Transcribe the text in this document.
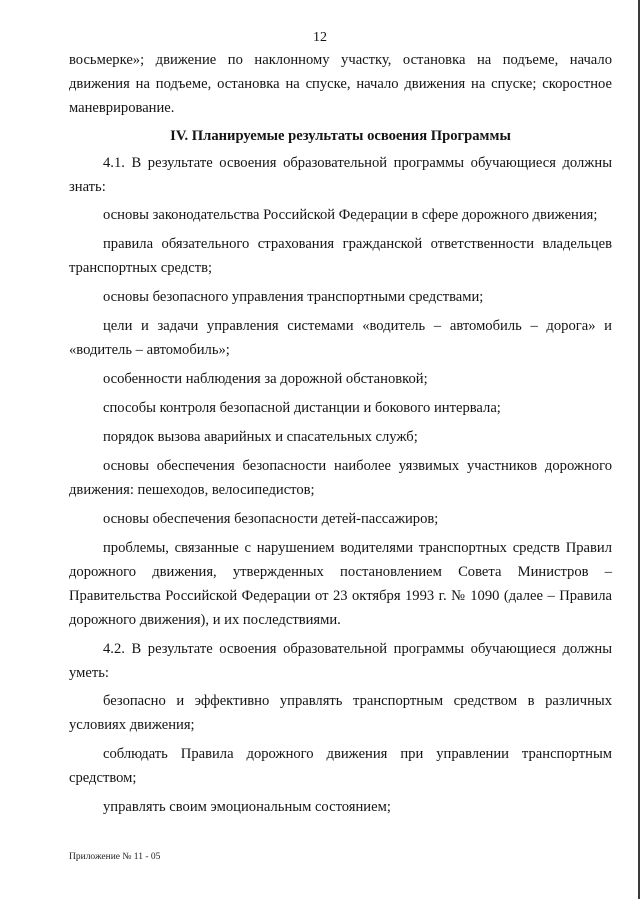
12

восьмерке»; движение по наклонному участку, остановка на подъеме, начало движения на подъеме, остановка на спуске, начало движения на спуске; скоростное маневрирование.

IV. Планируемые результаты освоения Программы

4.1. В результате освоения образовательной программы обучающиеся должны знать:

основы законодательства Российской Федерации в сфере дорожного движения;

правила обязательного страхования гражданской ответственности владельцев транспортных средств;

основы безопасного управления транспортными средствами;

цели и задачи управления системами «водитель – автомобиль – дорога» и «водитель – автомобиль»;

особенности наблюдения за дорожной обстановкой;

способы контроля безопасной дистанции и бокового интервала;

порядок вызова аварийных и спасательных служб;

основы обеспечения безопасности наиболее уязвимых участников дорожного движения: пешеходов, велосипедистов;

основы обеспечения безопасности детей-пассажиров;

проблемы, связанные с нарушением водителями транспортных средств Правил дорожного движения, утвержденных постановлением Совета Министров – Правительства Российской Федерации от 23 октября 1993 г. № 1090 (далее – Правила дорожного движения), и их последствиями.

4.2. В результате освоения образовательной программы обучающиеся должны уметь:

безопасно и эффективно управлять транспортным средством в различных условиях движения;

соблюдать Правила дорожного движения при управлении транспортным средством;

управлять своим эмоциональным состоянием;

Приложение № 11 - 05
